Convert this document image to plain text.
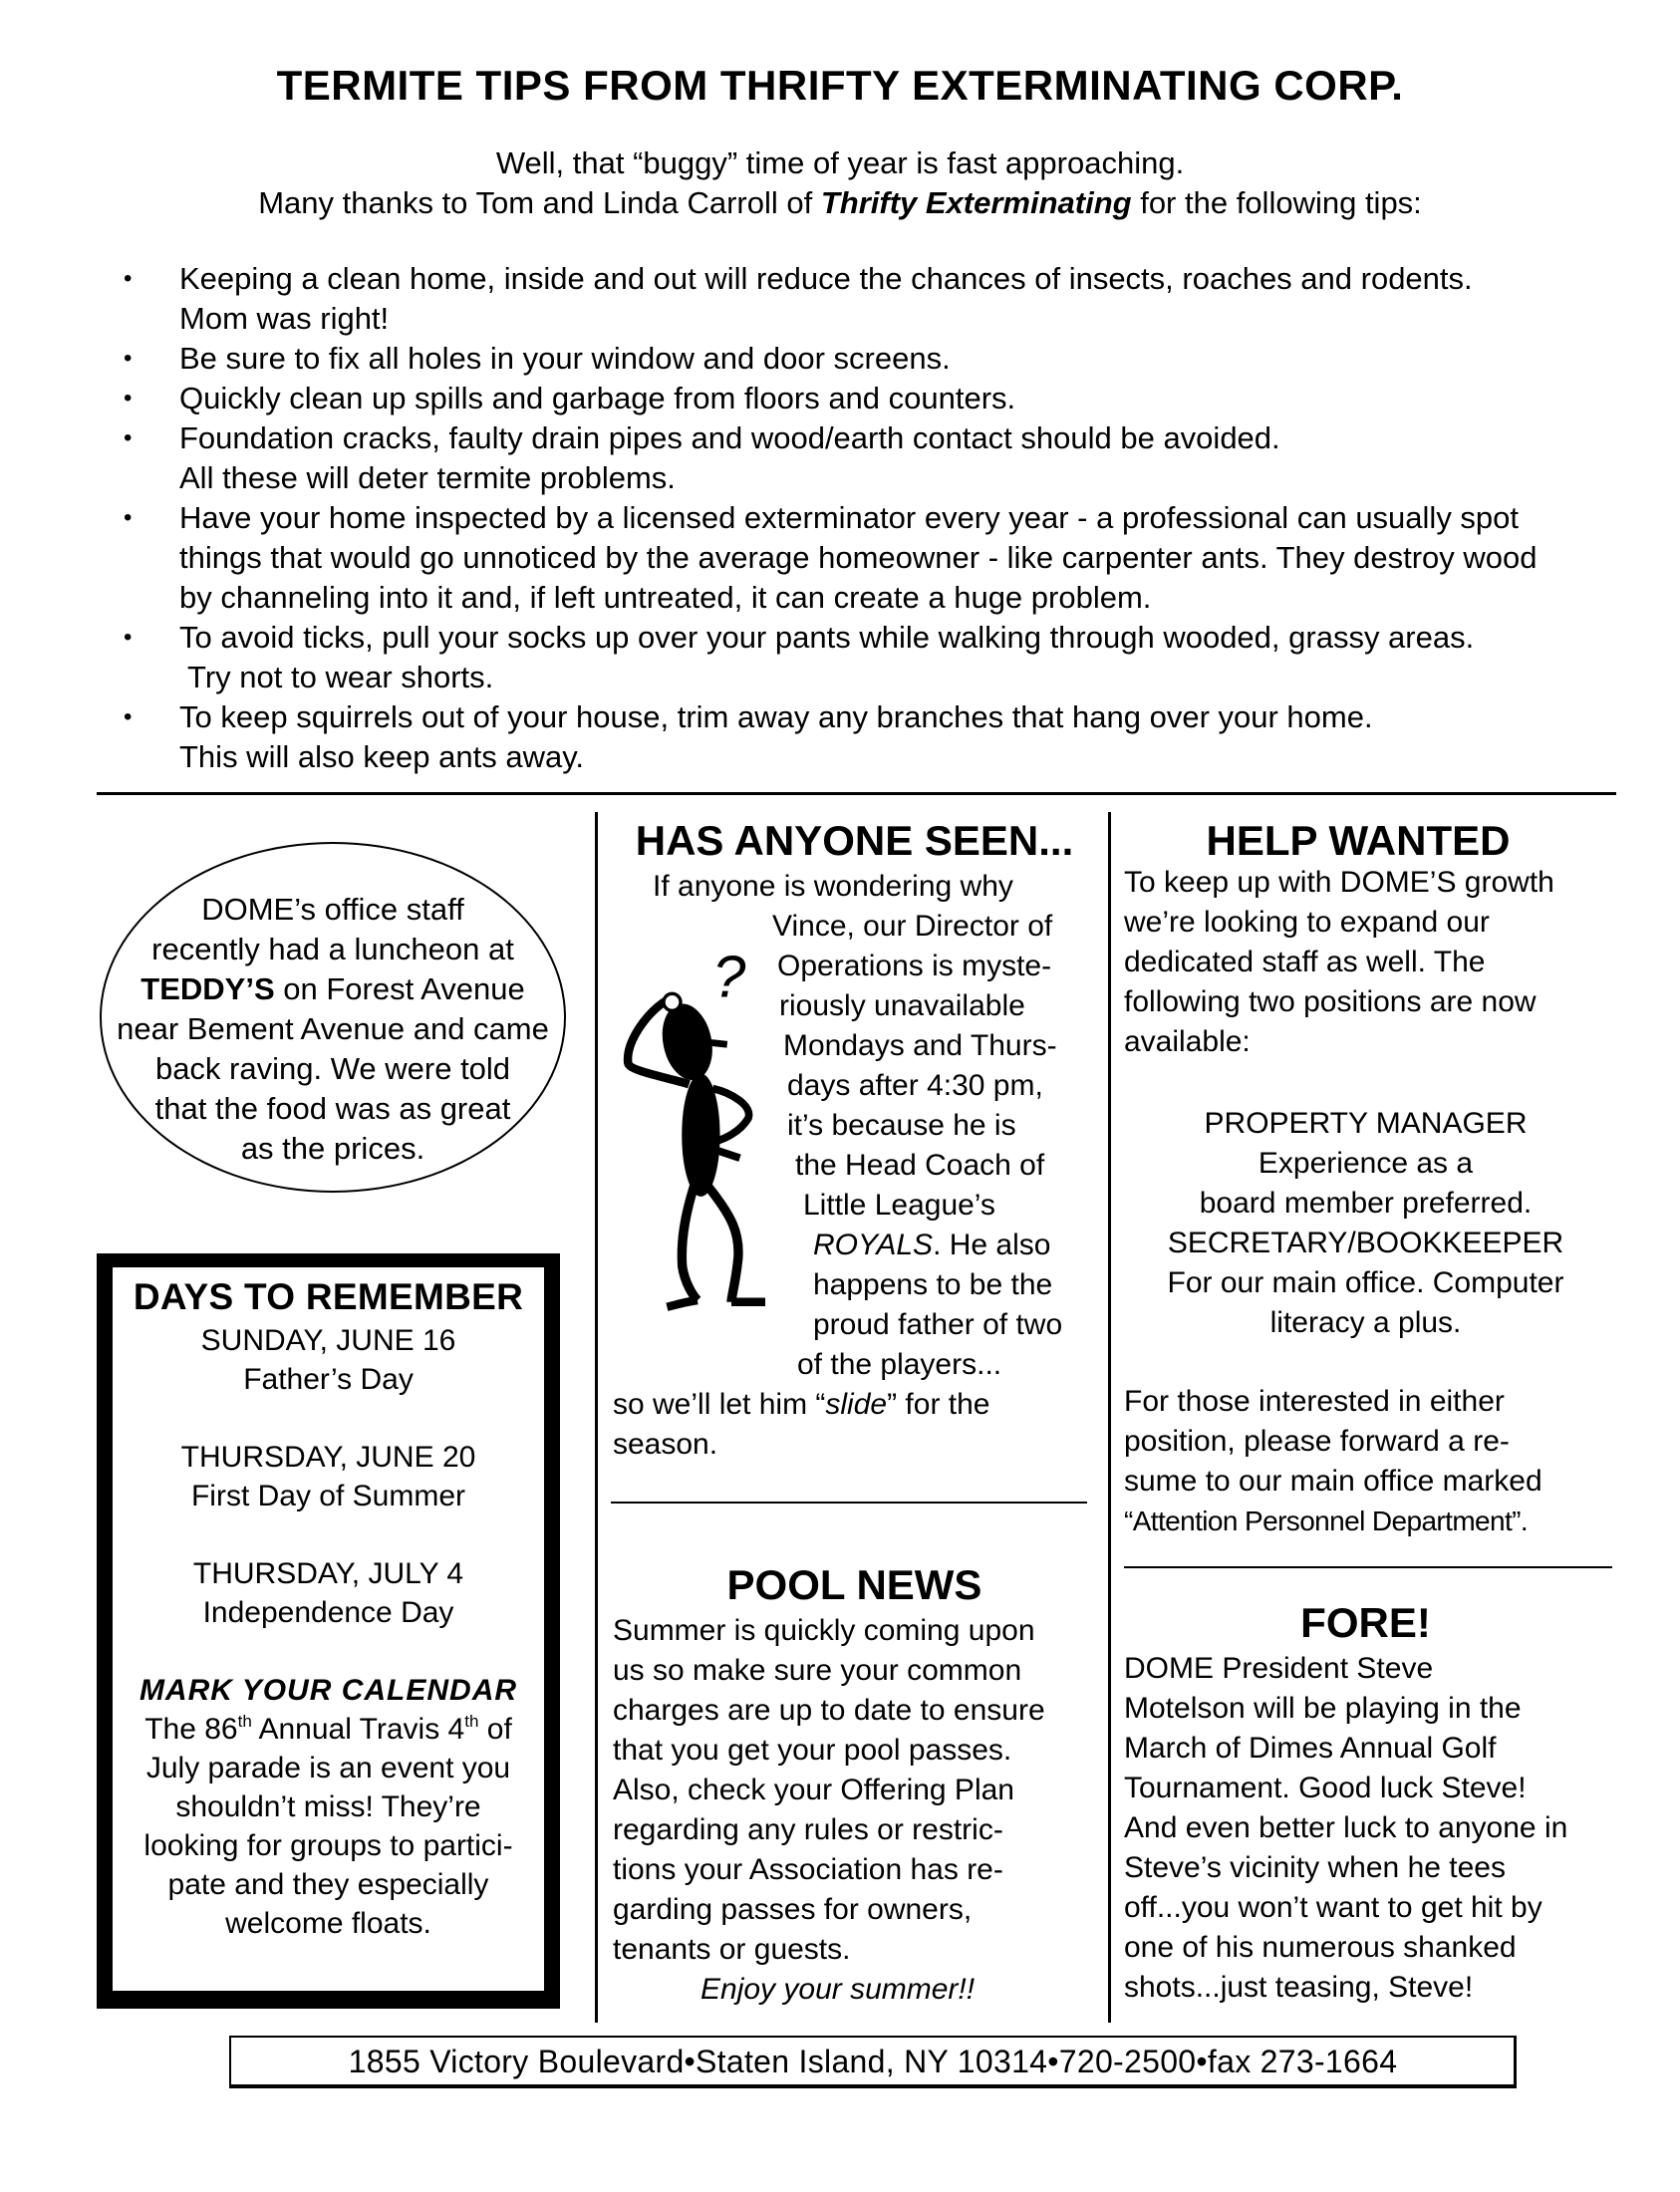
TERMITE TIPS FROM THRIFTY EXTERMINATING CORP.
Well, that “buggy” time of year is fast approaching.
Many thanks to Tom and Linda Carroll of Thrifty Exterminating for the following tips:
• Keeping a clean home, inside and out will reduce the chances of insects, roaches and rodents.
Mom was right!
• Be sure to fix all holes in your window and door screens.
• Quickly clean up spills and garbage from floors and counters.
• Foundation cracks, faulty drain pipes and wood/earth contact should be avoided.
All these will deter termite problems.
• Have your home inspected by a licensed exterminator every year - a professional can usually spot
things that would go unnoticed by the average homeowner - like carpenter ants. They destroy wood
by channeling into it and, if left untreated, it can create a huge problem.
• To avoid ticks, pull your socks up over your pants while walking through wooded, grassy areas.
Try not to wear shorts.
• To keep squirrels out of your house, trim away any branches that hang over your home.
This will also keep ants away.
DOME’s office staff
recently had a luncheon at
TEDDY’S on Forest Avenue
near Bement Avenue and came
back raving. We were told
that the food was as great
as the prices.
DAYS TO REMEMBER
SUNDAY, JUNE 16
Father’s Day
THURSDAY, JUNE 20
First Day of Summer
THURSDAY, JULY 4
Independence Day
MARK YOUR CALENDAR
The 86th Annual Travis 4th of
July parade is an event you
shouldn’t miss! They’re
looking for groups to partici-
pate and they especially
welcome floats.
HAS ANYONE SEEN...
?
If anyone is wondering why
Vince, our Director of
Operations is myste-
riously unavailable
Mondays and Thurs-
days after 4:30 pm,
it’s because he is
the Head Coach of
Little League’s
ROYALS. He also
happens to be the
proud father of two
of the players...
so we’ll let him “slide” for the
season.
POOL NEWS
Summer is quickly coming upon
us so make sure your common
charges are up to date to ensure
that you get your pool passes.
Also, check your Offering Plan
regarding any rules or restric-
tions your Association has re-
garding passes for owners,
tenants or guests.
Enjoy your summer!!
HELP WANTED
To keep up with DOME’S growth
we’re looking to expand our
dedicated staff as well. The
following two positions are now
available:
PROPERTY MANAGER
Experience as a
board member preferred.
SECRETARY/BOOKKEEPER
For our main office. Computer
literacy a plus.
For those interested in either
position, please forward a re-
sume to our main office marked
“Attention Personnel Department”.
FORE!
DOME President Steve
Motelson will be playing in the
March of Dimes Annual Golf
Tournament. Good luck Steve!
And even better luck to anyone in
Steve’s vicinity when he tees
off...you won’t want to get hit by
one of his numerous shanked
shots...just teasing, Steve!
1855 Victory Boulevard•Staten Island, NY 10314•720-2500•fax 273-1664
